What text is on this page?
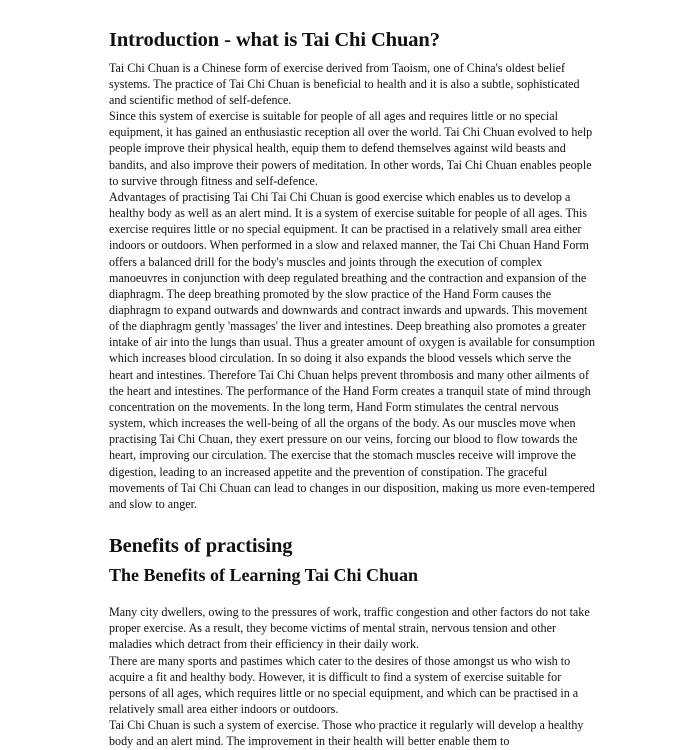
Introduction - what is Tai Chi Chuan?

Tai Chi Chuan is a Chinese form of exercise derived from Taoism, one of China's oldest belief systems. The practice of Tai Chi Chuan is beneficial to health and it is also a subtle, sophisticated and scientific method of self-defence.

Since this system of exercise is suitable for people of all ages and requires little or no special equipment, it has gained an enthusiastic reception all over the world. Tai Chi Chuan evolved to help people improve their physical health, equip them to defend themselves against wild beasts and bandits, and also improve their powers of meditation. In other words, Tai Chi Chuan enables people to survive through fitness and self-defence.

Advantages of practising Tai Chi Tai Chi Chuan is good exercise which enables us to develop a healthy body as well as an alert mind. It is a system of exercise suitable for people of all ages. This exercise requires little or no special equipment. It can be practised in a relatively small area either indoors or outdoors. When performed in a slow and relaxed manner, the Tai Chi Chuan Hand Form offers a balanced drill for the body's muscles and joints through the execution of complex manoeuvres in conjunction with deep regulated breathing and the contraction and expansion of the diaphragm. The deep breathing promoted by the slow practice of the Hand Form causes the diaphragm to expand outwards and downwards and contract inwards and upwards. This movement of the diaphragm gently 'massages' the liver and intestines. Deep breathing also promotes a greater intake of air into the lungs than usual. Thus a greater amount of oxygen is available for consumption which increases blood circulation. In so doing it also expands the blood vessels which serve the heart and intestines. Therefore Tai Chi Chuan helps prevent thrombosis and many other ailments of the heart and intestines. The performance of the Hand Form creates a tranquil state of mind through concentration on the movements. In the long term, Hand Form stimulates the central nervous system, which increases the well-being of all the organs of the body. As our muscles move when practising Tai Chi Chuan, they exert pressure on our veins, forcing our blood to flow towards the heart, improving our circulation. The exercise that the stomach muscles receive will improve the digestion, leading to an increased appetite and the prevention of constipation. The graceful movements of Tai Chi Chuan can lead to changes in our disposition, making us more even-tempered and slow to anger.

Benefits of practising
The Benefits of Learning Tai Chi Chuan

Many city dwellers, owing to the pressures of work, traffic congestion and other factors do not take proper exercise. As a result, they become victims of mental strain, nervous tension and other maladies which detract from their efficiency in their daily work.

There are many sports and pastimes which cater to the desires of those amongst us who wish to acquire a fit and healthy body. However, it is difficult to find a system of exercise suitable for persons of all ages, which requires little or no special equipment, and which can be practised in a relatively small area either indoors or outdoors.

Tai Chi Chuan is such a system of exercise. Those who practice it regularly will develop a healthy body and an alert mind. The improvement in their health will better enable them to
